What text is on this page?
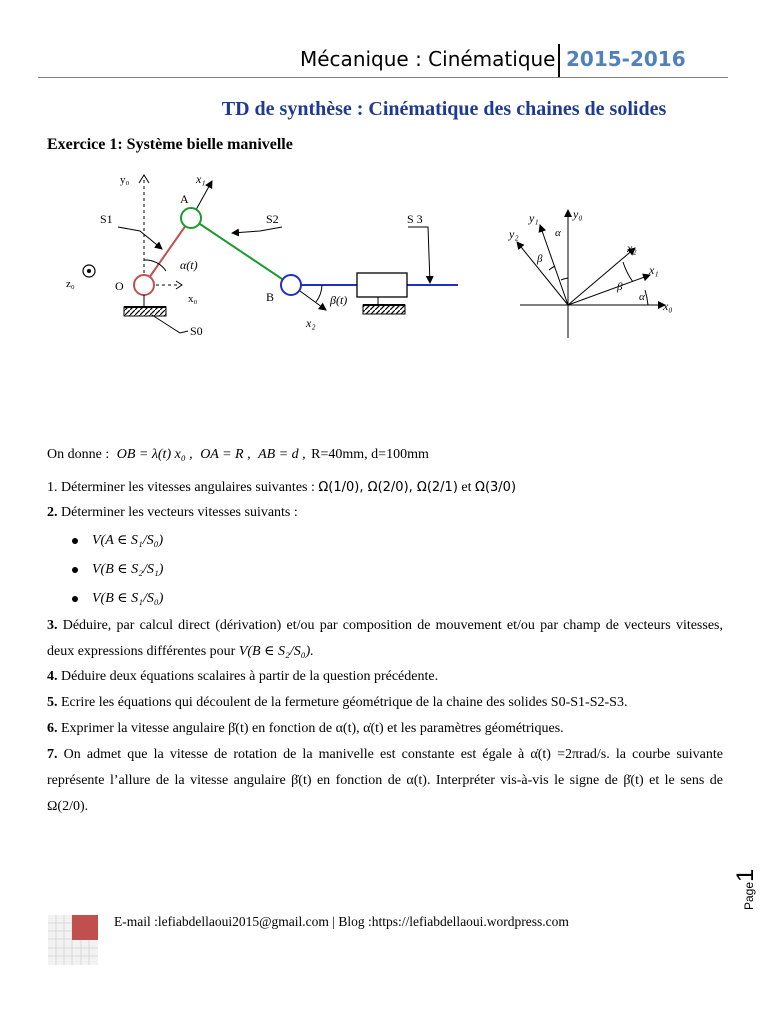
Mécanique : Cinématique 2015-2016
TD de synthèse : Cinématique des chaines de solides
Exercice 1: Système bielle manivelle
y₀
x₀
x₁
A
O
α(t)
z₀
S1	S2
B
x₂
β(t)
S 3
S0
y₀
y₁
y₂
x₂
x₁
x₀
α
β
β
α
On donne : OB = λ(t) x₀ , OA = R , AB = d , R=40mm, d=100mm
1. Déterminer les vitesses angulaires suivantes : Ω(1/0), Ω(2/0), Ω(2/1) et Ω(3/0)
2. Déterminer les vecteurs vitesses suivants :
V(A ∈ S₁/S₀)
V(B ∈ S₂/S₁)
V(B ∈ S₁/S₀)
3. Déduire, par calcul direct (dérivation) et/ou par composition de mouvement et/ou par champ de vecteurs vitesses, deux expressions différentes pour V(B ∈ S₂/S₀).
4. Déduire deux équations scalaires à partir de la question précédente.
5. Ecrire les équations qui découlent de la fermeture géométrique de la chaine des solides S0-S1-S2-S3.
6. Exprimer la vitesse angulaire β̇(t) en fonction de α(t), α̇(t) et les paramètres géométriques.
7. On admet que la vitesse de rotation de la manivelle est constante est égale à α̇(t) =2πrad/s. la courbe suivante représente l’allure de la vitesse angulaire β̇(t) en fonction de α(t). Interpréter vis-à-vis le signe de β̇(t) et le sens de Ω(2/0).
Page1
E-mail :lefiabdellaoui2015@gmail.com | Blog :https://lefiabdellaoui.wordpress.com
